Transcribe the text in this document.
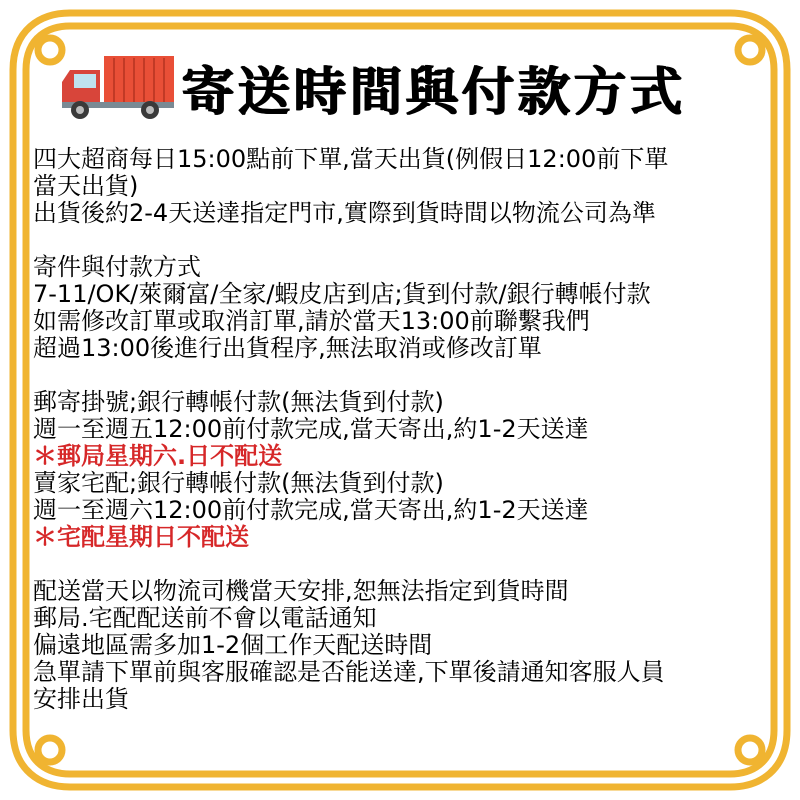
寄送時間與付款方式
四大超商每日15:00點前下單,當天出貨(例假日12:00前下單
當天出貨)
出貨後約2-4天送達指定門市,實際到貨時間以物流公司為準
寄件與付款方式
7-11/OK/萊爾富/全家/蝦皮店到店;貨到付款/銀行轉帳付款
如需修改訂單或取消訂單,請於當天13:00前聯繫我們
超過13:00後進行出貨程序,無法取消或修改訂單
郵寄掛號;銀行轉帳付款(無法貨到付款)
週一至週五12:00前付款完成,當天寄出,約1-2天送達
＊郵局星期六.日不配送
賣家宅配;銀行轉帳付款(無法貨到付款)
週一至週六12:00前付款完成,當天寄出,約1-2天送達
＊宅配星期日不配送
配送當天以物流司機當天安排,恕無法指定到貨時間
郵局.宅配配送前不會以電話通知
偏遠地區需多加1-2個工作天配送時間
急單請下單前與客服確認是否能送達,下單後請通知客服人員
安排出貨
